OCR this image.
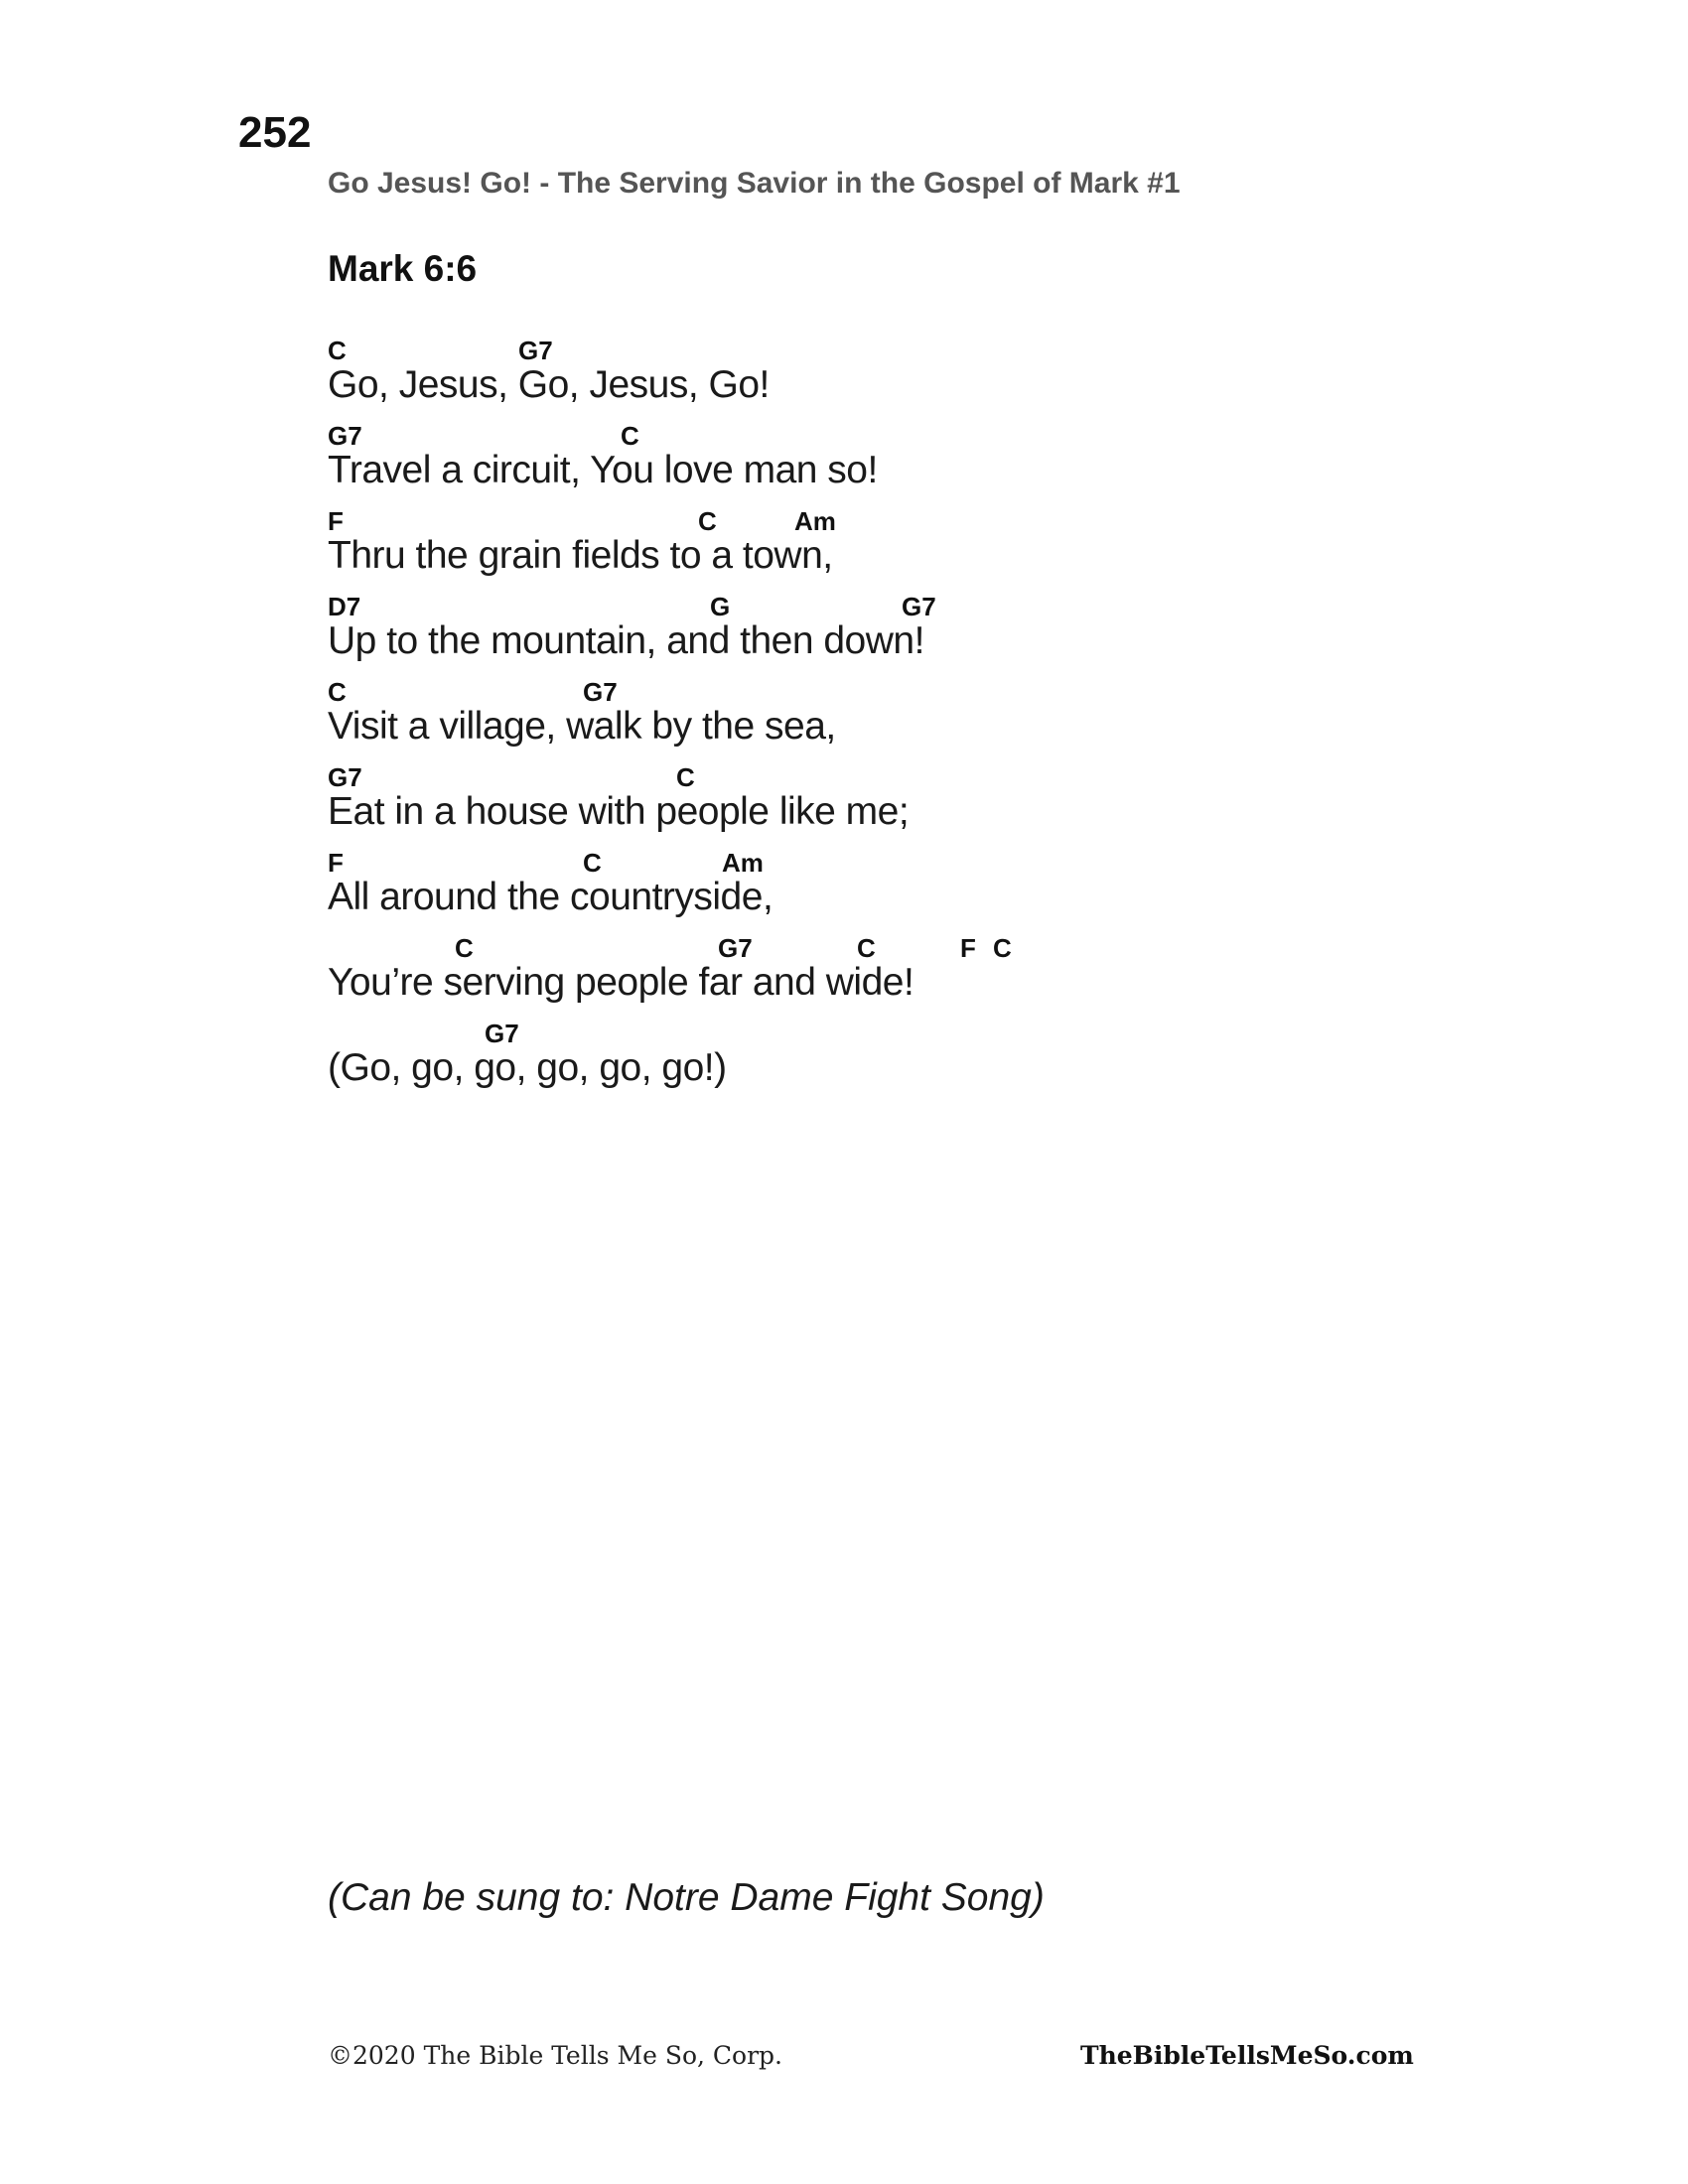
252
Go Jesus! Go! - The Serving Savior in the Gospel of Mark #1
Mark 6:6
C	G7
Go, Jesus, Go, Jesus, Go!
G7	C
Travel a circuit, You love man so!
F	C	Am
Thru the grain fields to a town,
D7	G	G7
Up to the mountain, and then down!
C	G7
Visit a village, walk by the sea,
G7	C
Eat in a house with people like me;
F	C	Am
All around the countryside,
C	G7	C	F C
You’re serving people far and wide!
G7
(Go, go, go, go, go, go!)
(Can be sung to: Notre Dame Fight Song)
©2020 The Bible Tells Me So, Corp.	TheBibleTellsMeSo.com
